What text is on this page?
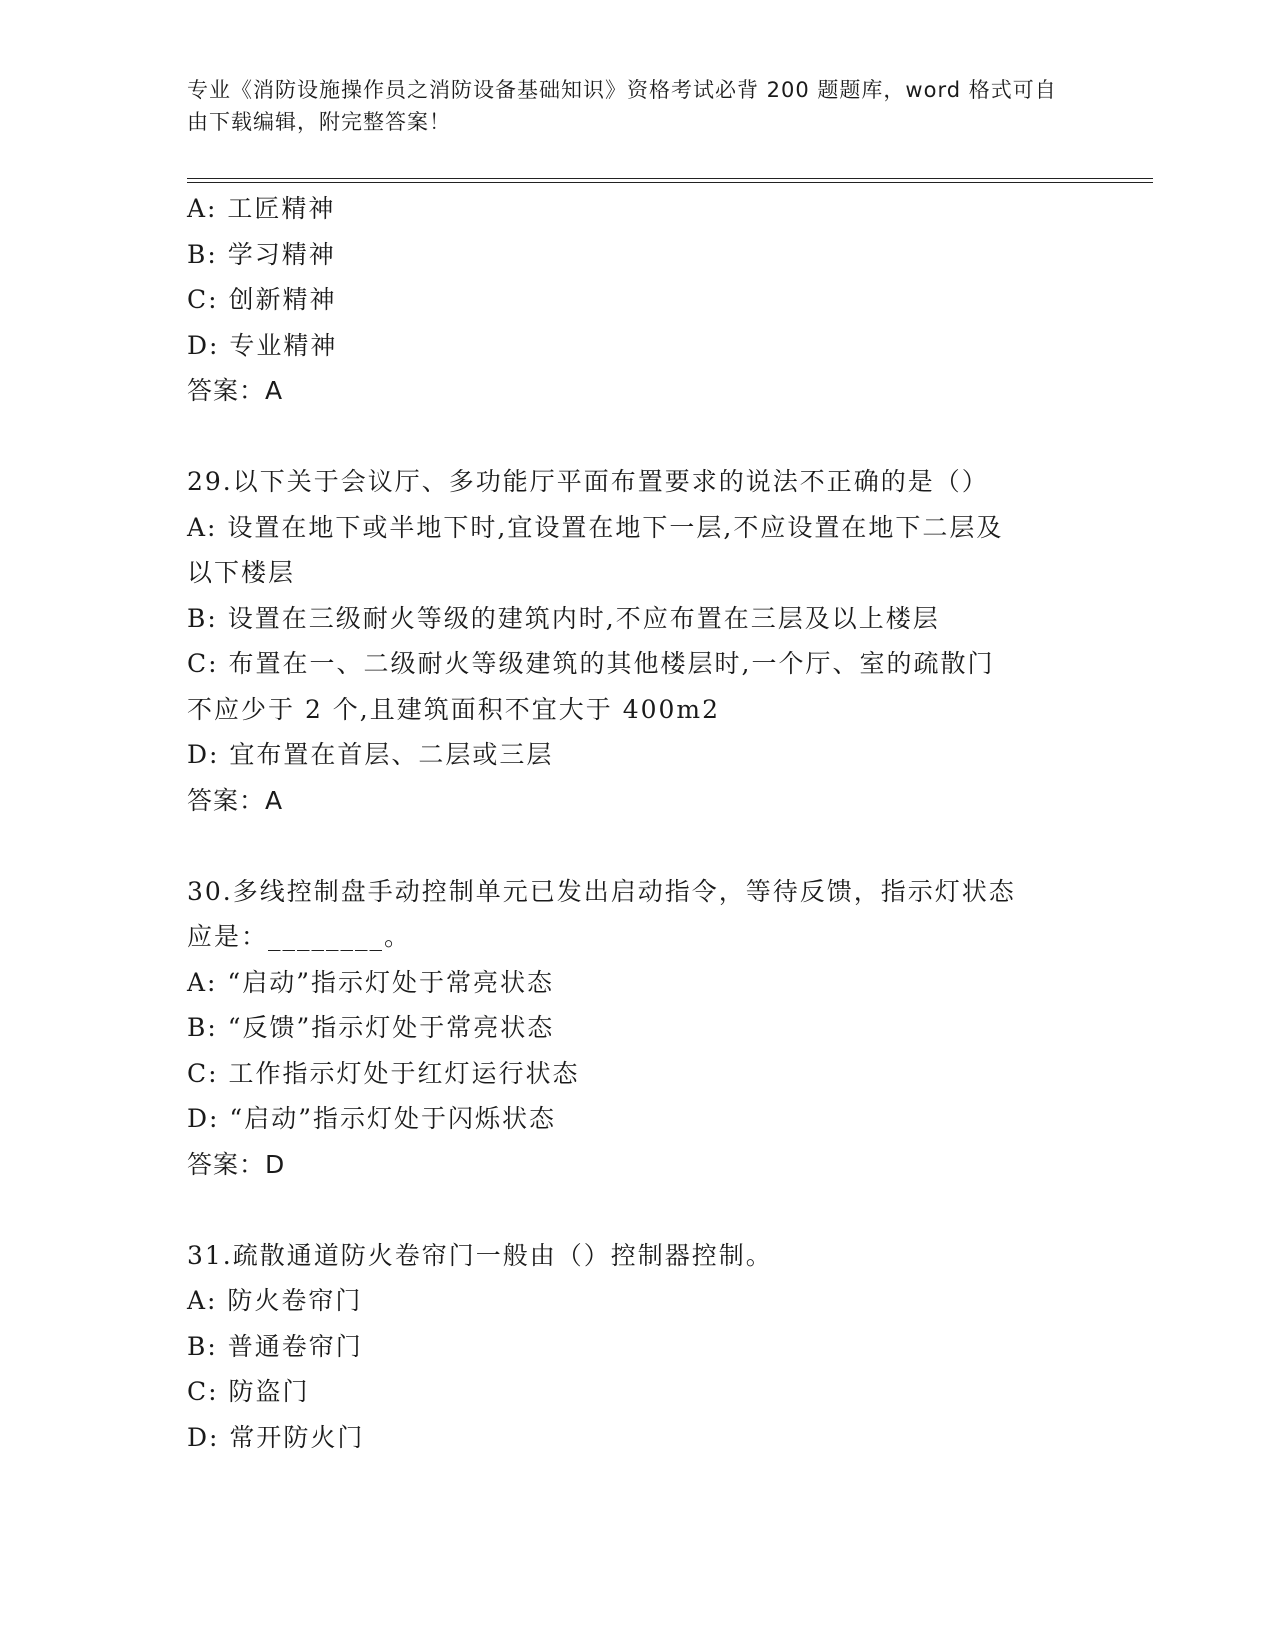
专业《消防设施操作员之消防设备基础知识》资格考试必背 200 题题库，word 格式可自由下载编辑，附完整答案！

A: 工匠精神

B: 学习精神

C: 创新精神

D: 专业精神

答案：A

29.以下关于会议厅、多功能厅平面布置要求的说法不正确的是（）

A: 设置在地下或半地下时,宜设置在地下一层,不应设置在地下二层及

以下楼层

B: 设置在三级耐火等级的建筑内时,不应布置在三层及以上楼层

C: 布置在一、二级耐火等级建筑的其他楼层时,一个厅、室的疏散门

不应少于 2 个,且建筑面积不宜大于 400m2

D: 宜布置在首层、二层或三层

答案：A

30.多线控制盘手动控制单元已发出启动指令，等待反馈，指示灯状态

应是：________。

A: “启动”指示灯处于常亮状态

B: “反馈”指示灯处于常亮状态

C: 工作指示灯处于红灯运行状态

D: “启动”指示灯处于闪烁状态

答案：D

31.疏散通道防火卷帘门一般由（）控制器控制。

A: 防火卷帘门

B: 普通卷帘门

C: 防盗门

D: 常开防火门
